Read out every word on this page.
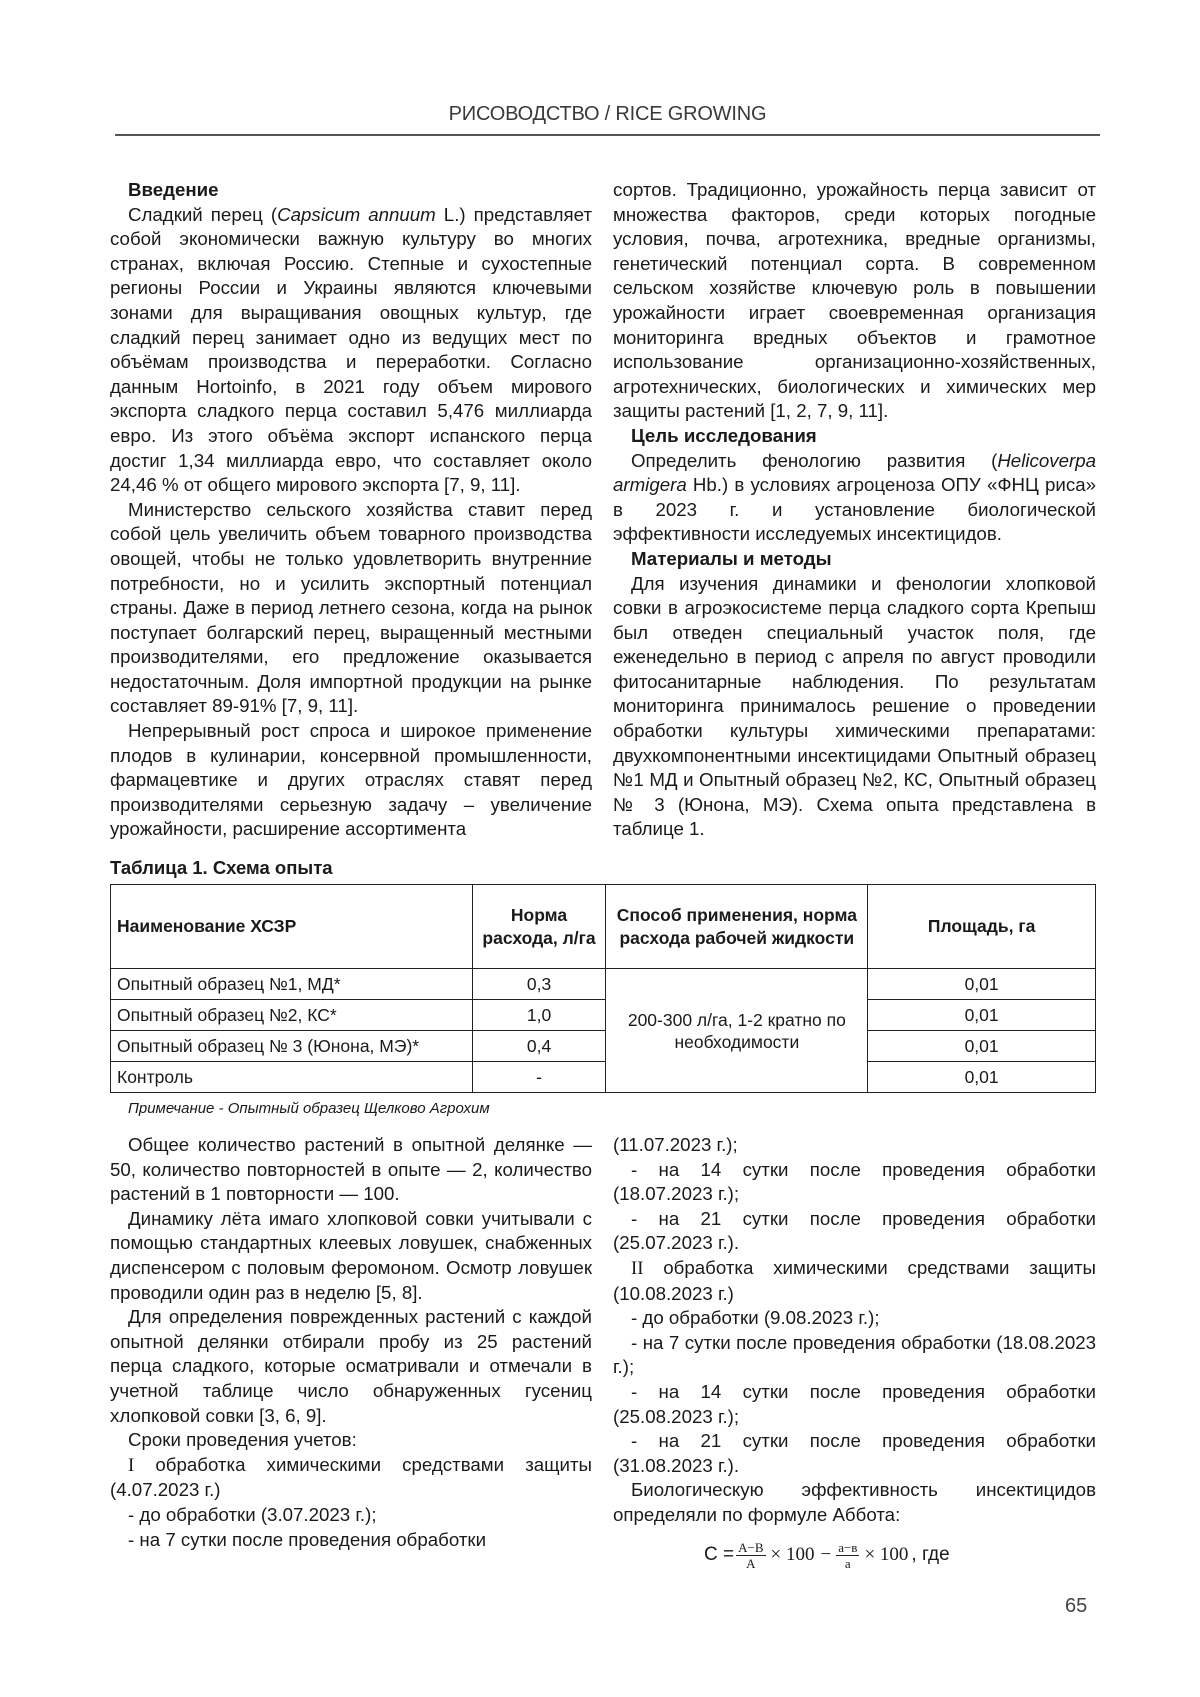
РИСОВОДСТВО / RICE GROWING

Введение

Сладкий перец (Capsicum annuum L.) представляет собой экономически важную культуру во многих странах, включая Россию. Степные и сухостепные регионы России и Украины являются ключевыми зонами для выращивания овощных культур, где сладкий перец занимает одно из ведущих мест по объёмам производства и переработки. Согласно данным Hortoinfo, в 2021 году объем мирового экспорта сладкого перца составил 5,476 миллиарда евро. Из этого объёма экспорт испанского перца достиг 1,34 миллиарда евро, что составляет около 24,46 % от общего мирового экспорта [7, 9, 11].

Министерство сельского хозяйства ставит перед собой цель увеличить объем товарного производства овощей, чтобы не только удовлетворить внутренние потребности, но и усилить экспортный потенциал страны. Даже в период летнего сезона, когда на рынок поступает болгарский перец, выращенный местными производителями, его предложение оказывается недостаточным. Доля импортной продукции на рынке составляет 89-91% [7, 9, 11].

Непрерывный рост спроса и широкое применение плодов в кулинарии, консервной промышленности, фармацевтике и других отраслях ставят перед производителями серьезную задачу – увеличение урожайности, расширение ассортимента

сортов. Традиционно, урожайность перца зависит от множества факторов, среди которых погодные условия, почва, агротехника, вредные организмы, генетический потенциал сорта. В современном сельском хозяйстве ключевую роль в повышении урожайности играет своевременная организация мониторинга вредных объектов и грамотное использование организационно-хозяйственных, агротехнических, биологических и химических мер защиты растений [1, 2, 7, 9, 11].

Цель исследования

Определить фенологию развития (Helicoverpa armigera Hb.) в условиях агроценоза ОПУ «ФНЦ риса» в 2023 г. и установление биологической эффективности исследуемых инсектицидов.

Материалы и методы

Для изучения динамики и фенологии хлопковой совки в агроэкосистеме перца сладкого сорта Крепыш был отведен специальный участок поля, где еженедельно в период с апреля по август проводили фитосанитарные наблюдения. По результатам мониторинга принималось решение о проведении обработки культуры химическими препаратами: двухкомпонентными инсектицидами Опытный образец №1 МД и Опытный образец №2, КС, Опытный образец № 3 (Юнона, МЭ). Схема опыта представлена в таблице 1.

Таблица 1. Схема опыта
Наименование ХСЗР	Норма расхода, л/га	Способ применения, норма расхода рабочей жидкости	Площадь, га
Опытный образец №1, МД*	0,3	200-300 л/га, 1-2 кратно по необходимости	0,01
Опытный образец №2, КС*	1,0		0,01
Опытный образец № 3 (Юнона, МЭ)*	0,4		0,01
Контроль	-		0,01
Примечание - Опытный образец Щелково Агрохим

Общее количество растений в опытной делянке — 50, количество повторностей в опыте — 2, количество растений в 1 повторности — 100.

Динамику лёта имаго хлопковой совки учитывали с помощью стандартных клеевых ловушек, снабженных диспенсером с половым феромоном. Осмотр ловушек проводили один раз в неделю [5, 8].

Для определения поврежденных растений с каждой опытной делянки отбирали пробу из 25 растений перца сладкого, которые осматривали и отмечали в учетной таблице число обнаруженных гусениц хлопковой совки [3, 6, 9].

Сроки проведения учетов:

I обработка химическими средствами защиты (4.07.2023 г.)

- до обработки (3.07.2023 г.);

- на 7 сутки после проведения обработки

(11.07.2023 г.);

- на 14 сутки после проведения обработки (18.07.2023 г.);

- на 21 сутки после проведения обработки (25.07.2023 г.).

II обработка химическими средствами защиты (10.08.2023 г.)

- до обработки (9.08.2023 г.);

- на 7 сутки после проведения обработки (18.08.2023 г.);

- на 14 сутки после проведения обработки (25.08.2023 г.);

- на 21 сутки после проведения обработки (31.08.2023 г.).

Биологическую эффективность инсектицидов определяли по формуле Аббота:

$С = \frac{А-В}{А} \times 100 - \frac{а-в}{а} \times 100$ , где
65
